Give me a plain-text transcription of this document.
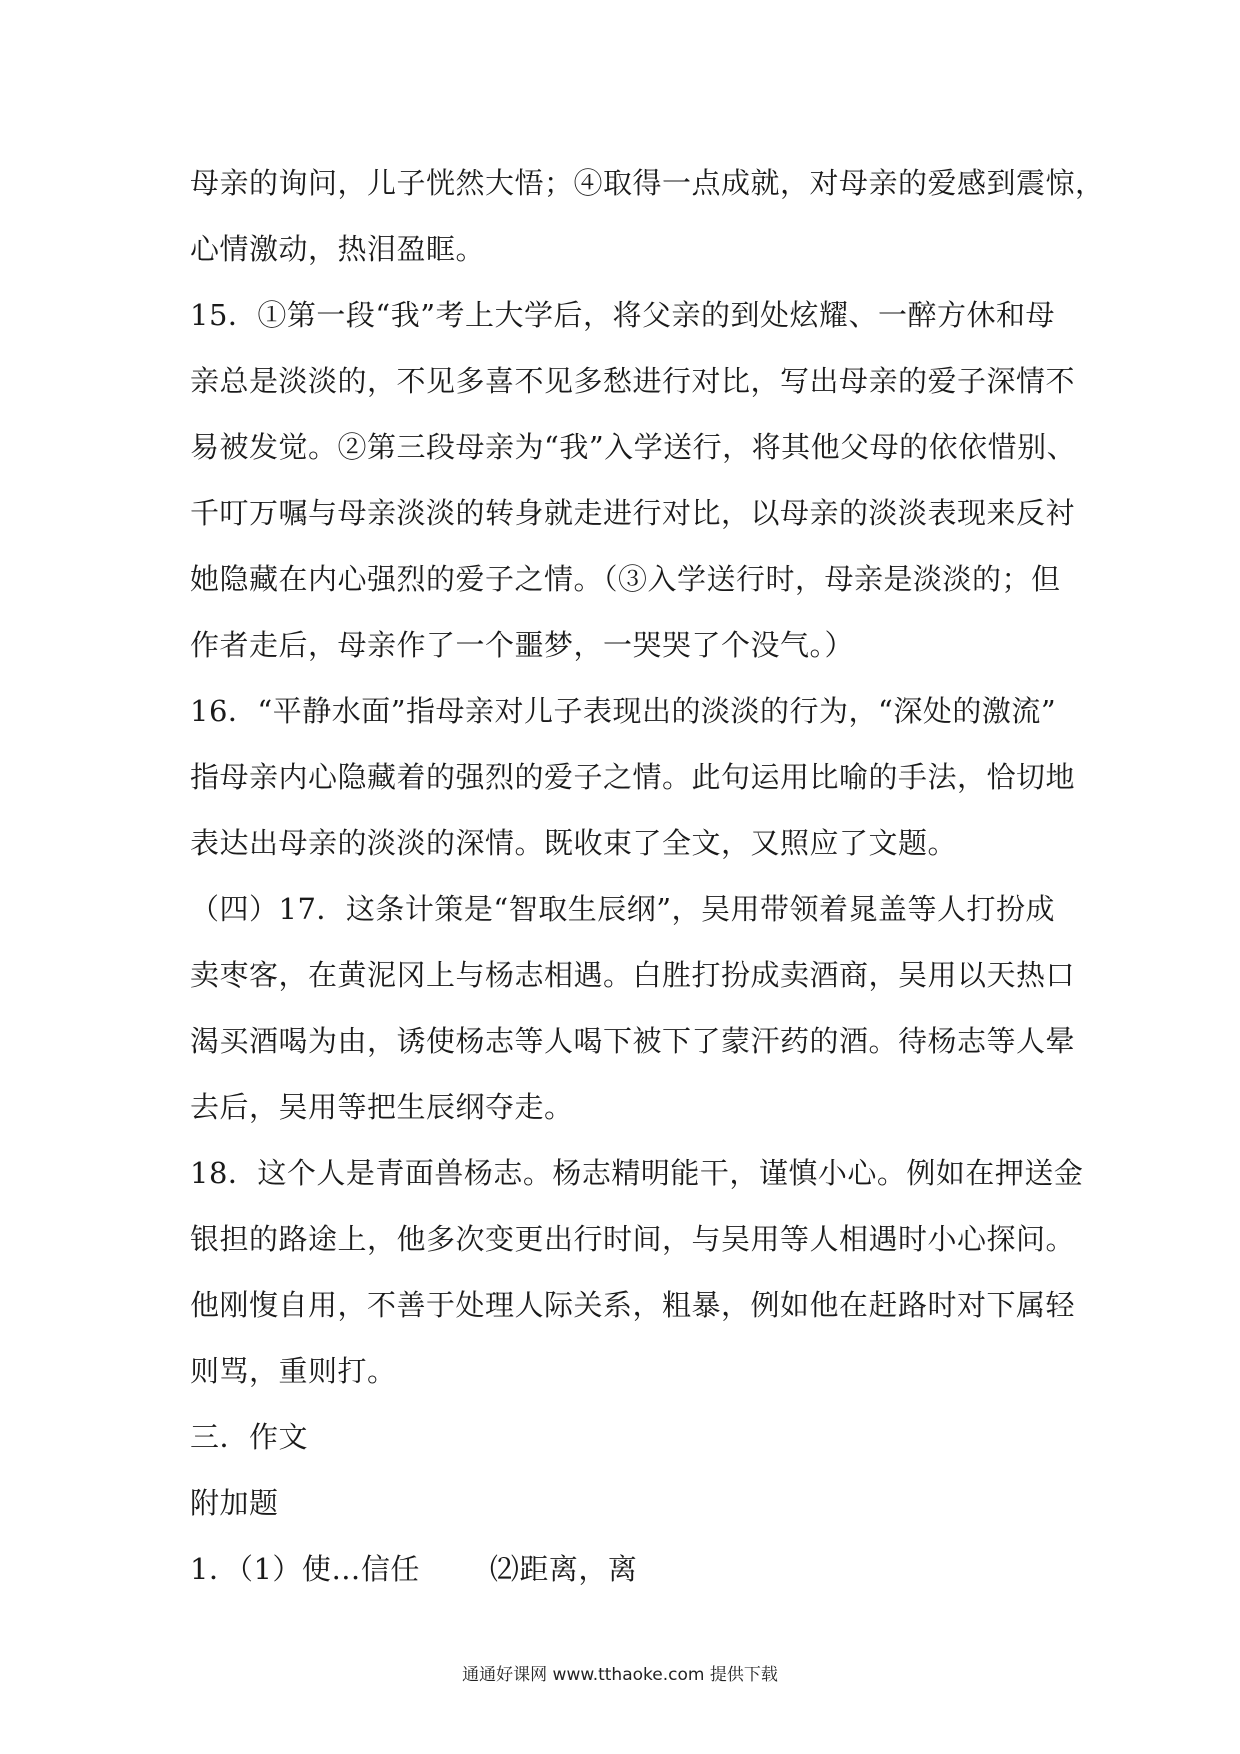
母亲的询问，儿子恍然大悟；④取得一点成就，对母亲的爱感到震惊，
心情激动，热泪盈眶。
15．①第一段“我”考上大学后，将父亲的到处炫耀、一醉方休和母
亲总是淡淡的，不见多喜不见多愁进行对比，写出母亲的爱子深情不
易被发觉。②第三段母亲为“我”入学送行，将其他父母的依依惜别、
千叮万嘱与母亲淡淡的转身就走进行对比，以母亲的淡淡表现来反衬
她隐藏在内心强烈的爱子之情。（③入学送行时，母亲是淡淡的；但
作者走后，母亲作了一个噩梦，一哭哭了个没气。）
16．“平静水面”指母亲对儿子表现出的淡淡的行为，“深处的激流”
指母亲内心隐藏着的强烈的爱子之情。此句运用比喻的手法，恰切地
表达出母亲的淡淡的深情。既收束了全文，又照应了文题。
（四）17．这条计策是“智取生辰纲”，吴用带领着晁盖等人打扮成
卖枣客，在黄泥冈上与杨志相遇。白胜打扮成卖酒商，吴用以天热口
渴买酒喝为由，诱使杨志等人喝下被下了蒙汗药的酒。待杨志等人晕
去后，吴用等把生辰纲夺走。
18．这个人是青面兽杨志。杨志精明能干，谨慎小心。例如在押送金
银担的路途上，他多次变更出行时间，与吴用等人相遇时小心探问。
他刚愎自用，不善于处理人际关系，粗暴，例如他在赶路时对下属轻
则骂，重则打。
三．作文
附加题
1．（1）使…信任 ⑵距离，离
通通好课网 www.tthaoke.com 提供下载
